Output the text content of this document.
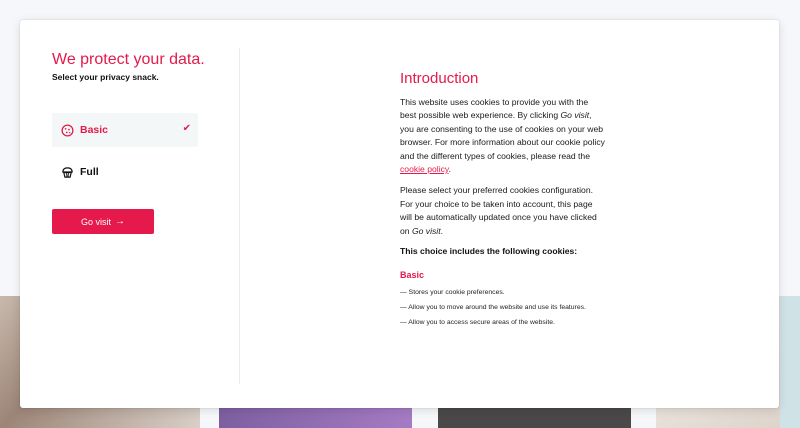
We protect your data.

Select your privacy snack.

Basic	✔
Full
Go visit →
Introduction

This website uses cookies to provide you with the best possible web experience. By clicking Go visit, you are consenting to the use of cookies on your web browser. For more information about our cookie policy and the different types of cookies, please read the cookie policy.

Please select your preferred cookies configuration. For your choice to be taken into account, this page will be automatically updated once you have clicked on Go visit.

This choice includes the following cookies:

Basic

— Stores your cookie preferences.

— Allow you to move around the website and use its features.

— Allow you to access secure areas of the website.
